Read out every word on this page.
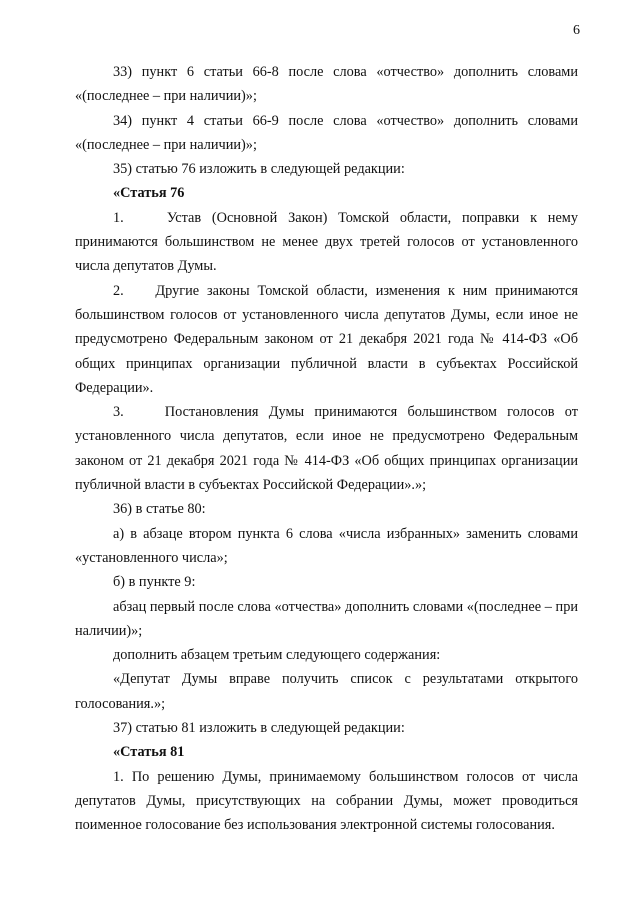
6

33) пункт 6 статьи 66-8 после слова «отчество» дополнить словами «(последнее – при наличии)»;

34) пункт 4 статьи 66-9 после слова «отчество» дополнить словами «(последнее – при наличии)»;

35) статью 76 изложить в следующей редакции:

«Статья 76

1.    Устав (Основной Закон) Томской области, поправки к нему принимаются большинством не менее двух третей голосов от установленного числа депутатов Думы.

2.    Другие законы Томской области, изменения к ним принимаются большинством голосов от установленного числа депутатов Думы, если иное не предусмотрено Федеральным законом от 21 декабря 2021 года № 414-ФЗ «Об общих принципах организации публичной власти в субъектах Российской Федерации».

3.    Постановления Думы принимаются большинством голосов от установленного числа депутатов, если иное не предусмотрено Федеральным законом от 21 декабря 2021 года № 414-ФЗ «Об общих принципах организации публичной власти в субъектах Российской Федерации».»;

36) в статье 80:

а) в абзаце втором пункта 6 слова «числа избранных» заменить словами «установленного числа»;

б) в пункте 9:

абзац первый после слова «отчества» дополнить словами «(последнее – при наличии)»;

дополнить абзацем третьим следующего содержания:

«Депутат Думы вправе получить список с результатами открытого голосования.»;

37) статью 81 изложить в следующей редакции:

«Статья 81

1. По решению Думы, принимаемому большинством голосов от числа депутатов Думы, присутствующих на собрании Думы, может проводиться поименное голосование без использования электронной системы голосования.
